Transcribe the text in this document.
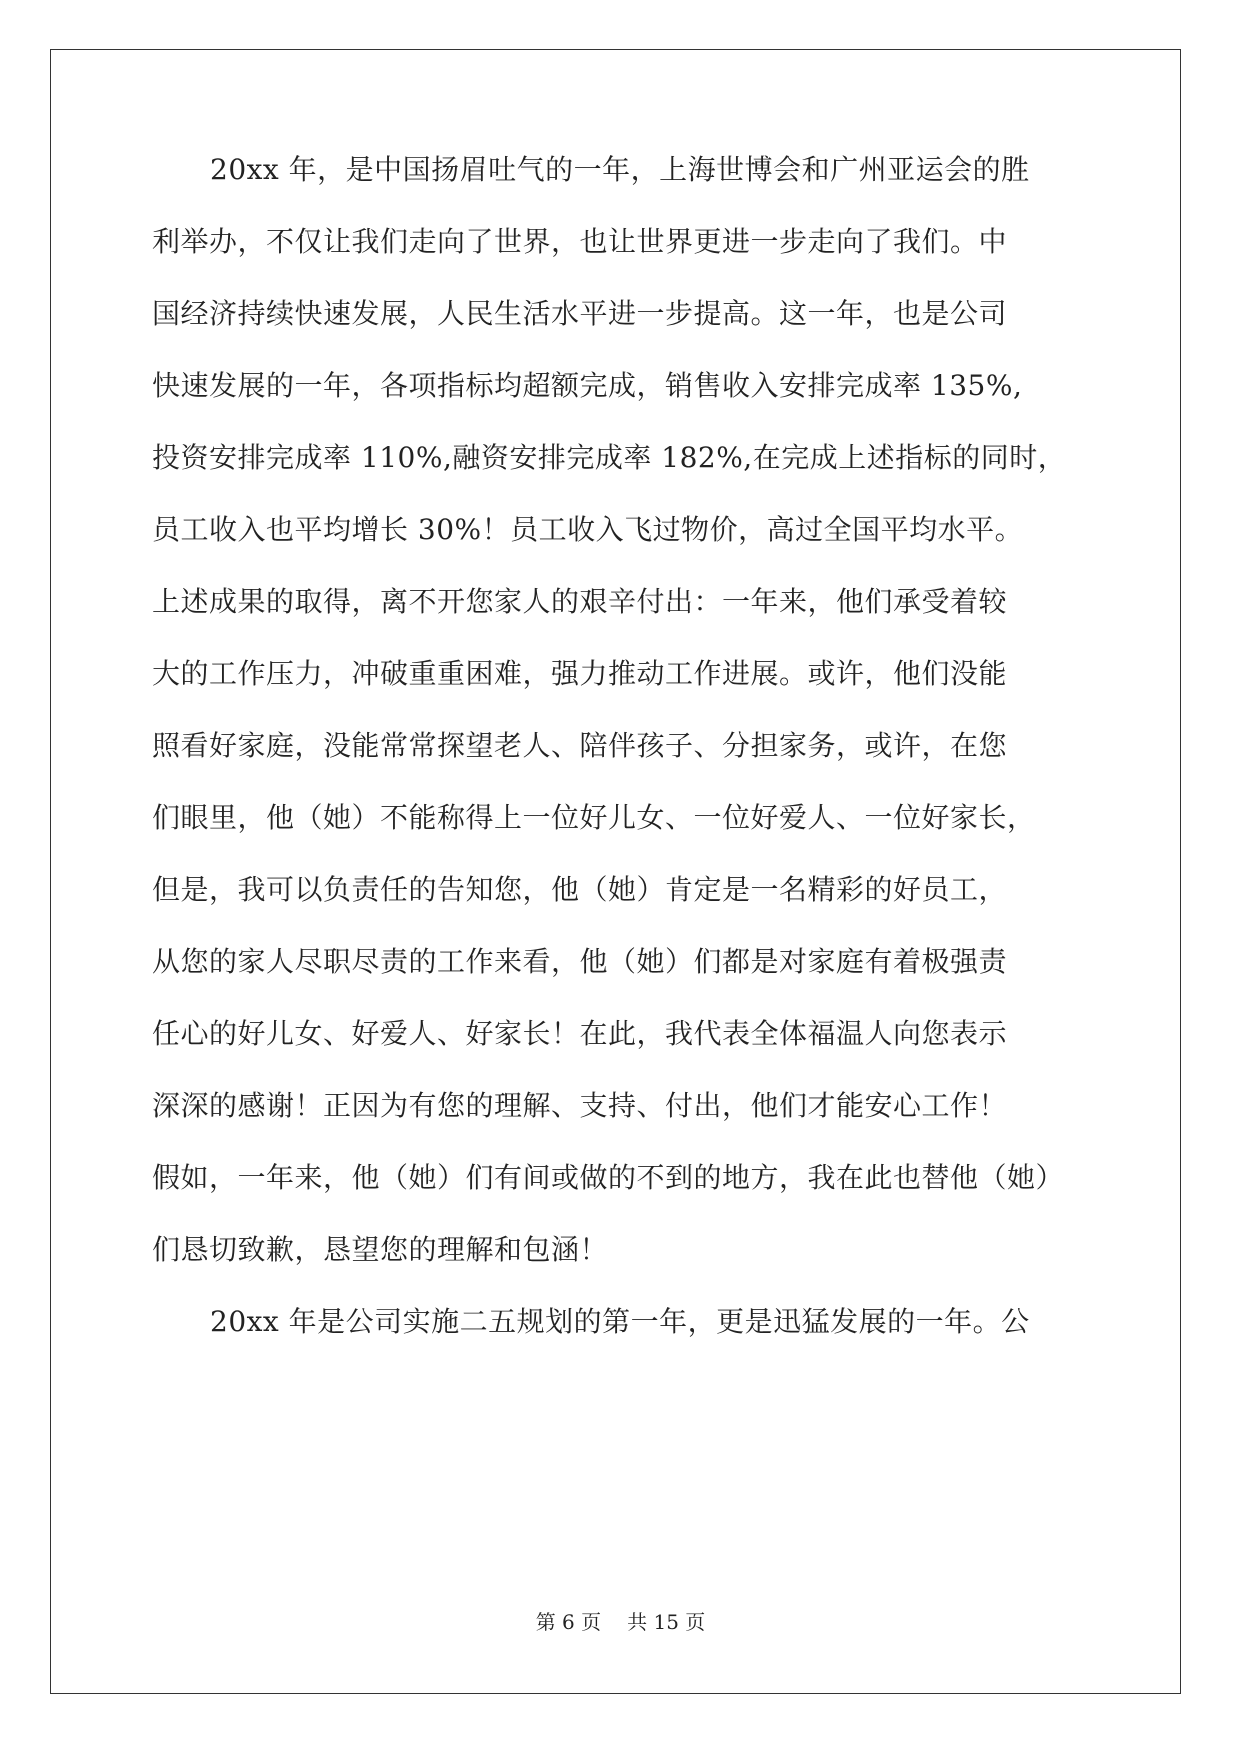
20xx 年，是中国扬眉吐气的一年，上海世博会和广州亚运会的胜
利举办，不仅让我们走向了世界，也让世界更进一步走向了我们。中
国经济持续快速发展，人民生活水平进一步提高。这一年，也是公司
快速发展的一年，各项指标均超额完成，销售收入安排完成率 135%,
投资安排完成率 110%,融资安排完成率 182%,在完成上述指标的同时，
员工收入也平均增长 30%！员工收入飞过物价，高过全国平均水平。
上述成果的取得，离不开您家人的艰辛付出：一年来，他们承受着较
大的工作压力，冲破重重困难，强力推动工作进展。或许，他们没能
照看好家庭，没能常常探望老人、陪伴孩子、分担家务，或许，在您
们眼里，他（她）不能称得上一位好儿女、一位好爱人、一位好家长，
但是，我可以负责任的告知您，他（她）肯定是一名精彩的好员工，
从您的家人尽职尽责的工作来看，他（她）们都是对家庭有着极强责
任心的好儿女、好爱人、好家长！在此，我代表全体福温人向您表示
深深的感谢！正因为有您的理解、支持、付出，他们才能安心工作！
假如，一年来，他（她）们有间或做的不到的地方，我在此也替他（她）
们恳切致歉，恳望您的理解和包涵！
20xx 年是公司实施二五规划的第一年，更是迅猛发展的一年。公
第 6 页 共 15 页
